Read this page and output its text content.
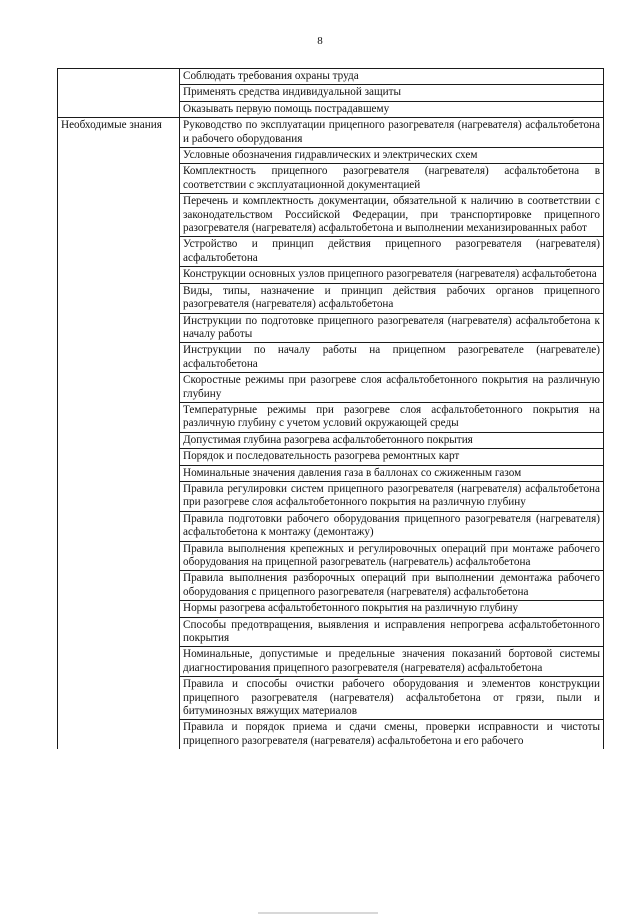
8
	Соблюдать требования охраны труда
	Применять средства индивидуальной защиты
	Оказывать первую помощь пострадавшему
Необходимые знания	Руководство по эксплуатации прицепного разогревателя (нагревателя) асфальтобетона и рабочего оборудования
	Условные обозначения гидравлических и электрических схем
	Комплектность прицепного разогревателя (нагревателя) асфальтобетона в соответствии с эксплуатационной документацией
	Перечень и комплектность документации, обязательной к наличию в соответствии с законодательством Российской Федерации, при транспортировке прицепного разогревателя (нагревателя) асфальтобетона и выполнении механизированных работ
	Устройство и принцип действия прицепного разогревателя (нагревателя) асфальтобетона
	Конструкции основных узлов прицепного разогревателя (нагревателя) асфальтобетона
	Виды, типы, назначение и принцип действия рабочих органов прицепного разогревателя (нагревателя) асфальтобетона
	Инструкции по подготовке прицепного разогревателя (нагревателя) асфальтобетона к началу работы
	Инструкции по началу работы на прицепном разогревателе (нагревателе) асфальтобетона
	Скоростные режимы при разогреве слоя асфальтобетонного покрытия на различную глубину
	Температурные режимы при разогреве слоя асфальтобетонного покрытия на различную глубину с учетом условий окружающей среды
	Допустимая глубина разогрева асфальтобетонного покрытия
	Порядок и последовательность разогрева ремонтных карт
	Номинальные значения давления газа в баллонах со сжиженным газом
	Правила регулировки систем прицепного разогревателя (нагревателя) асфальтобетона при разогреве слоя асфальтобетонного покрытия на различную глубину
	Правила подготовки рабочего оборудования прицепного разогревателя (нагревателя) асфальтобетона к монтажу (демонтажу)
	Правила выполнения крепежных и регулировочных операций при монтаже рабочего оборудования на прицепной разогреватель (нагреватель) асфальтобетона
	Правила выполнения разборочных операций при выполнении демонтажа рабочего оборудования с прицепного разогревателя (нагревателя) асфальтобетона
	Нормы разогрева асфальтобетонного покрытия на различную глубину
	Способы предотвращения, выявления и исправления непрогрева асфальтобетонного покрытия
	Номинальные, допустимые и предельные значения показаний бортовой системы диагностирования прицепного разогревателя (нагревателя) асфальтобетона
	Правила и способы очистки рабочего оборудования и элементов конструкции прицепного разогревателя (нагревателя) асфальтобетона от грязи, пыли и битуминозных вяжущих материалов
	Правила и порядок приема и сдачи смены, проверки исправности и чистоты прицепного разогревателя (нагревателя) асфальтобетона и его рабочего
